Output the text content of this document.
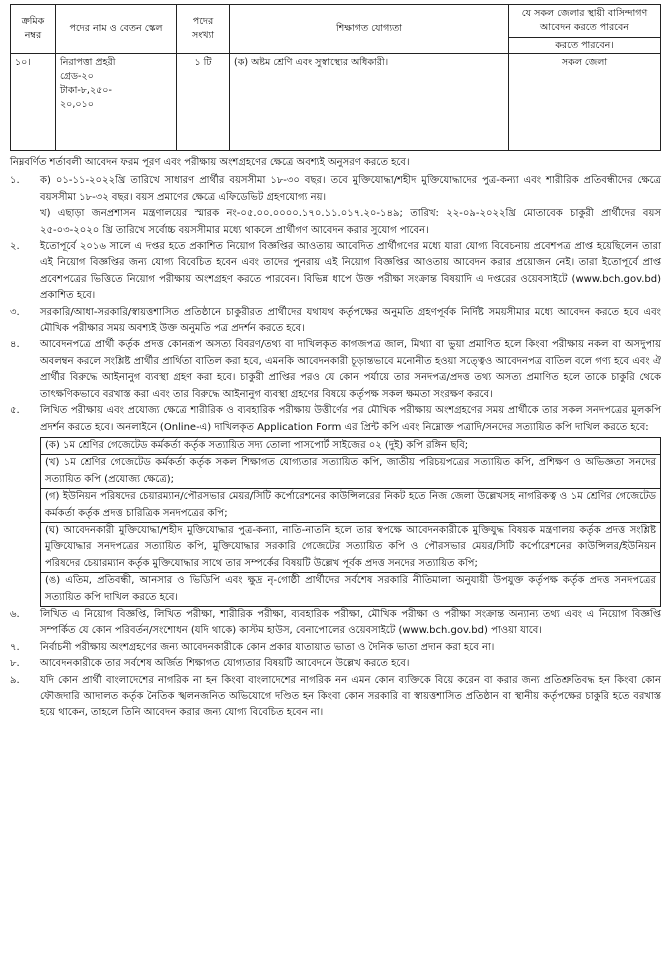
ক্রমিক নম্বর	পদের নাম ও বেতন স্কেল	পদের সংখ্যা	শিক্ষাগত যোগ্যতা	যে সকল জেলার স্থায়ী বাসিন্দাগণ আবেদন করতে পারবেন
করতে পারবেন।

১০।	নিরাপত্তা প্রহরী
গ্রেড-২০
টাকা-৮,২৫০-
২০,০১০	১ টি	(ক) অষ্টম শ্রেণি এবং সুস্বাস্থ্যের অধিকারী।	সকল জেলা

নিম্নবর্ণিত শর্তাবলী আবেদন ফরম পূরণ এবং পরীক্ষায় অংশগ্রহণের ক্ষেত্রে অবশ্যই অনুসরণ করতে হবে।

১.	ক) ০১-১১-২০২২খ্রি তারিখে সাধারণ প্রার্থীর বয়সসীমা ১৮-৩০ বছর। তবে মুক্তিযোদ্ধা/শহীদ মুক্তিযোদ্ধাদের পুত্র-কন্যা এবং শারীরিক প্রতিবন্ধীদের ক্ষেত্রে বয়সসীমা ১৮-৩২ বছর। বয়স প্রমাণের ক্ষেত্রে এফিডেভিট গ্রহণযোগ্য নয়।

খ) এছাড়া জনপ্রশাসন মন্ত্রণালয়ের স্মারক নং-০৫.০০.০০০০.১৭০.১১.০১৭.২০-১৪৯; তারিখ: ২২-০৯-২০২২খ্রি মোতাবেক চাকুরী প্রার্থীদের বয়স ২৫-০৩-২০২০ খ্রি তারিখে সর্বোচ্চ বয়সসীমার মধ্যে থাকলে প্রার্থীগণ আবেদন করার সুযোগ পাবেন।

২.	ইতোপূর্বে ২০১৬ সালে এ দপ্তর হতে প্রকাশিত নিয়োগ বিজ্ঞপ্তির আওতায় আবেদিত প্রার্থীগণের মধ্যে যারা যোগ্য বিবেচনায় প্রবেশপত্র প্রাপ্ত হয়েছিলেন তারা এই নিয়োগ বিজ্ঞপ্তির জন্য যোগ্য বিবেচিত হবেন এবং তাদের পুনরায় এই নিয়োগ বিজ্ঞপ্তির আওতায় আবেদন করার প্রয়োজন নেই। তারা ইতোপূর্বে প্রাপ্ত প্রবেশপত্রের ভিত্তিতে নিয়োগ পরীক্ষায় অংশগ্রহণ করতে পারবেন। বিভিন্ন ধাপে উক্ত পরীক্ষা সংক্রান্ত বিষয়াদি এ দপ্তরের ওয়েবসাইটে (www.bch.gov.bd) প্রকাশিত হবে।

৩.	সরকারি/আধা-সরকারি/স্বায়ত্তশাসিত প্রতিষ্ঠানে চাকুরীরত প্রার্থীদের যথাযথ কর্তৃপক্ষের অনুমতি গ্রহণপূর্বক নির্দিষ্ট সময়সীমার মধ্যে আবেদন করতে হবে এবং মৌখিক পরীক্ষার সময় অবশ্যই উক্ত অনুমতি পত্র প্রদর্শন করতে হবে।

৪.	আবেদনপত্রে প্রার্থী কর্তৃক প্রদত্ত কোনরূপ অসত্য বিবরণ/তথ্য বা দাখিলকৃত কাগজপত্র জাল, মিথ্যা বা ভুয়া প্রমাণিত হলে কিংবা পরীক্ষায় নকল বা অসদুপায় অবলম্বন করলে সংশ্লিষ্ট প্রার্থীর প্রার্থিতা বাতিল করা হবে, এমনকি আবেদনকারী চূড়ান্তভাবে মনোনীত হওয়া সত্ত্বেও আবেদনপত্র বাতিল বলে গণ্য হবে এবং ঐ প্রার্থীর বিরুদ্ধে আইনানুগ ব্যবস্থা গ্রহণ করা হবে। চাকুরী প্রাপ্তির পরও যে কোন পর্যায়ে তার সনদপত্র/প্রদত্ত তথ্য অসত্য প্রমাণিত হলে তাকে চাকুরি থেকে তাৎক্ষণিকভাবে বরখাস্ত করা এবং তার বিরুদ্ধে আইনানুগ ব্যবস্থা গ্রহণের বিষয়ে কর্তৃপক্ষ সকল ক্ষমতা সংরক্ষণ করবে।

৫.	লিখিত পরীক্ষায় এবং প্রযোজ্য ক্ষেত্রে শারীরিক ও ব্যবহারিক পরীক্ষায় উত্তীর্ণের পর মৌখিক পরীক্ষায় অংশগ্রহণের সময় প্রার্থীকে তার সকল সনদপত্রের মূলকপি প্রদর্শন করতে হবে। অনলাইনে (Online-এ) দাখিলকৃত Application Form এর প্রিন্ট কপি এবং নিম্নোক্ত পত্রাদি/সনদের সত্যায়িত কপি দাখিল করতে হবে:

(ক) ১ম শ্রেণির গেজেটেড কর্মকর্তা কর্তৃক সত্যায়িত সদ্য তোলা পাসপোর্ট সাইজের ০২ (দুই) কপি রঙ্গিন ছবি;
(খ) ১ম শ্রেণির গেজেটেড কর্মকর্তা কর্তৃক সকল শিক্ষাগত যোগ্যতার সত্যায়িত কপি, জাতীয় পরিচয়পত্রের সত্যায়িত কপি, প্রশিক্ষণ ও অভিজ্ঞতা সনদের সত্যায়িত কপি (প্রযোজ্য ক্ষেত্রে);
(গ) ইউনিয়ন পরিষদের চেয়ারম্যান/পৌরসভার মেয়র/সিটি কর্পোরেশনের কাউন্সিলরের নিকট হতে নিজ জেলা উল্লেখসহ নাগরিকত্ব ও ১ম শ্রেণির গেজেটেড কর্মকর্তা কর্তৃক প্রদত্ত চারিত্রিক সনদপত্রের কপি;
(ঘ) আবেদনকারী মুক্তিযোদ্ধা/শহীদ মুক্তিযোদ্ধার পুত্র-কন্যা, নাতি-নাতনি হলে তার স্বপক্ষে আবেদনকারীকে মুক্তিযুদ্ধ বিষয়ক মন্ত্রণালয় কর্তৃক প্রদত্ত সংশ্লিষ্ট মুক্তিযোদ্ধার সনদপত্রের সত্যায়িত কপি, মুক্তিযোদ্ধার সরকারি গেজেটের সত্যায়িত কপি ও পৌরসভার মেয়র/সিটি কর্পোরেশনের কাউন্সিলর/ইউনিয়ন পরিষদের চেয়ারম্যান কর্তৃক মুক্তিযোদ্ধার সাথে তার সম্পর্কের বিষয়টি উল্লেখ পূর্বক প্রদত্ত সনদের সত্যায়িত কপি;
(ঙ) এতিম, প্রতিবন্ধী, আনসার ও ভিডিপি এবং ক্ষুদ্র নৃ-গোষ্ঠী প্রার্থীদের সর্বশেষ সরকারি নীতিমালা অনুযায়ী উপযুক্ত কর্তৃপক্ষ কর্তৃক প্রদত্ত সনদপত্রের সত্যায়িত কপি দাখিল করতে হবে।
৬.	লিখিত এ নিয়োগ বিজ্ঞপ্তি, লিখিত পরীক্ষা, শারীরিক পরীক্ষা, ব্যবহারিক পরীক্ষা, মৌখিক পরীক্ষা ও পরীক্ষা সংক্রান্ত অন্যান্য তথ্য এবং এ নিয়োগ বিজ্ঞপ্তি সম্পর্কিত যে কোন পরিবর্তন/সংশোধন (যদি থাকে) কাস্টম হাউস, বেনাপোলের ওয়েবসাইটে (www.bch.gov.bd) পাওয়া যাবে।

৭.	নির্বাচনী পরীক্ষায় অংশগ্রহণের জন্য আবেদনকারীকে কোন প্রকার যাতায়াত ভাতা ও দৈনিক ভাতা প্রদান করা হবে না।

৮.	আবেদনকারীকে তার সর্বশেষ অর্জিত শিক্ষাগত যোগ্যতার বিষয়টি আবেদনে উল্লেখ করতে হবে।

৯.	যদি কোন প্রার্থী বাংলাদেশের নাগরিক না হন কিংবা বাংলাদেশের নাগরিক নন এমন কোন ব্যক্তিকে বিয়ে করেন বা করার জন্য প্রতিশ্রুতিবদ্ধ হন কিংবা কোন ফৌজদারি আদালত কর্তৃক নৈতিক স্খলনজনিত অভিযোগে দণ্ডিত হন কিংবা কোন সরকারি বা স্বায়ত্তশাসিত প্রতিষ্ঠান বা স্থানীয় কর্তৃপক্ষের চাকুরি হতে বরখাস্ত হয়ে থাকেন, তাহলে তিনি আবেদন করার জন্য যোগ্য বিবেচিত হবেন না।
